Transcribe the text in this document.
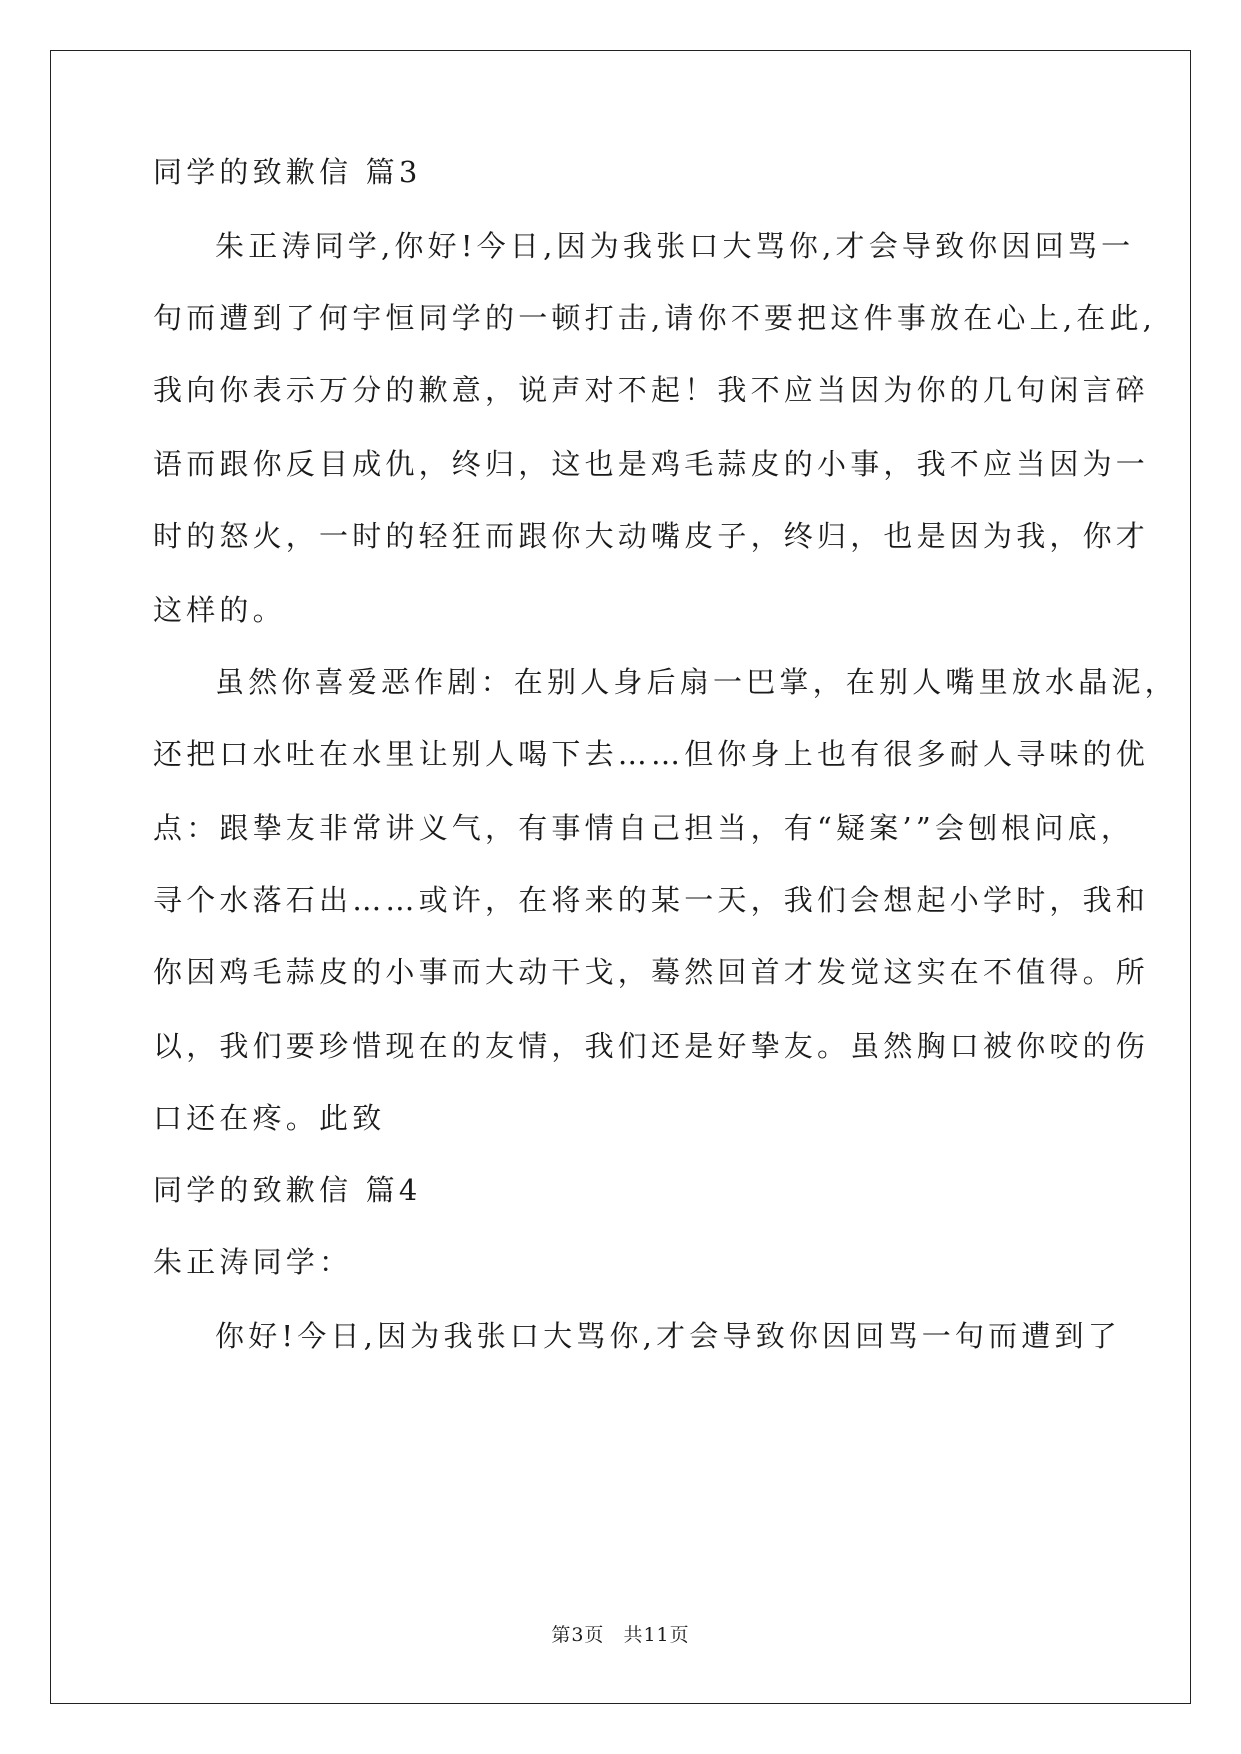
同学的致歉信 篇3
朱正涛同学,你好!今日,因为我张口大骂你,才会导致你因回骂一
句而遭到了何宇恒同学的一顿打击,请你不要把这件事放在心上,在此,
我向你表示万分的歉意，说声对不起！我不应当因为你的几句闲言碎
语而跟你反目成仇，终归，这也是鸡毛蒜皮的小事，我不应当因为一
时的怒火，一时的轻狂而跟你大动嘴皮子，终归，也是因为我，你才
这样的。
虽然你喜爱恶作剧：在别人身后扇一巴掌，在别人嘴里放水晶泥，
还把口水吐在水里让别人喝下去……但你身上也有很多耐人寻味的优
点：跟挚友非常讲义气，有事情自己担当，有“疑案’”会刨根问底，
寻个水落石出……或许，在将来的某一天，我们会想起小学时，我和
你因鸡毛蒜皮的小事而大动干戈，蓦然回首才发觉这实在不值得。所
以，我们要珍惜现在的友情，我们还是好挚友。虽然胸口被你咬的伤
口还在疼。此致
同学的致歉信 篇4
朱正涛同学：
你好!今日,因为我张口大骂你,才会导致你因回骂一句而遭到了
第3页 共11页
